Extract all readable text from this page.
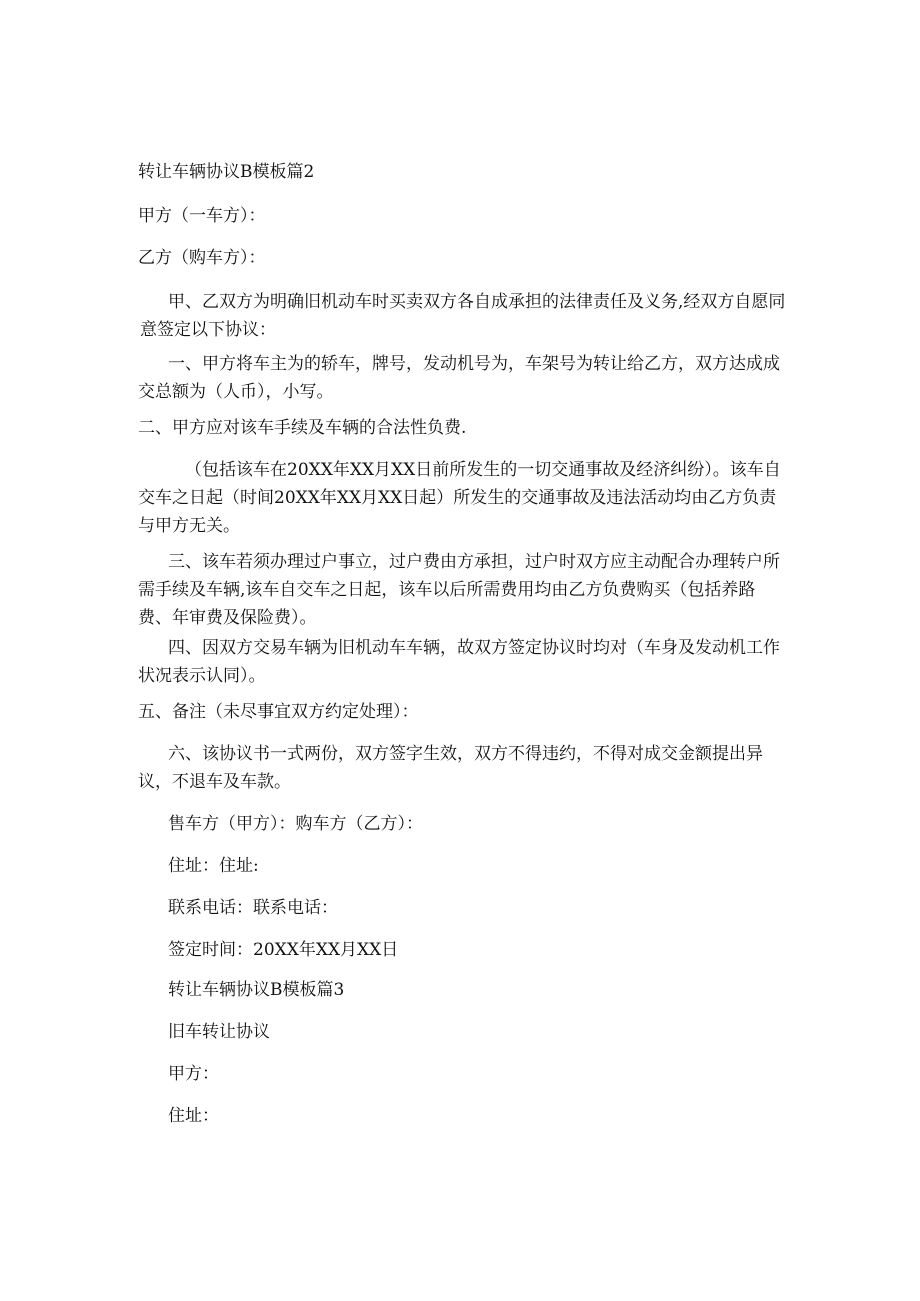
转让车辆协议B模板篇2

甲方（一车方）：

乙方（购车方）：

甲、乙双方为明确旧机动车时买卖双方各自成承担的法律责任及义务,经双方自愿同意签定以下协议：

一、甲方将车主为的轿车，牌号，发动机号为，车架号为转让给乙方，双方达成成交总额为（人币），小写。

二、甲方应对该车手续及车辆的合法性负费.

（包括该车在20XX年XX月XX日前所发生的一切交通事故及经济纠纷）。该车自交车之日起（时间20XX年XX月XX日起）所发生的交通事故及违法活动均由乙方负责与甲方无关。

三、该车若须办理过户事立，过户费由方承担，过户时双方应主动配合办理转户所需手续及车辆,该车自交车之日起，该车以后所需费用均由乙方负费购买（包括养路费、年审费及保险费）。

四、因双方交易车辆为旧机动车车辆，故双方签定协议时均对（车身及发动机工作状况表示认同）。

五、备注（未尽事宜双方约定处理）：

六、该协议书一式两份，双方签字生效，双方不得违约，不得对成交金额提出异议，不退车及车款。

售车方（甲方）：购车方（乙方）：

住址：住址:

联系电话：联系电话：

签定时间：20XX年XX月XX日

转让车辆协议B模板篇3

旧车转让协议

甲方：

住址：
